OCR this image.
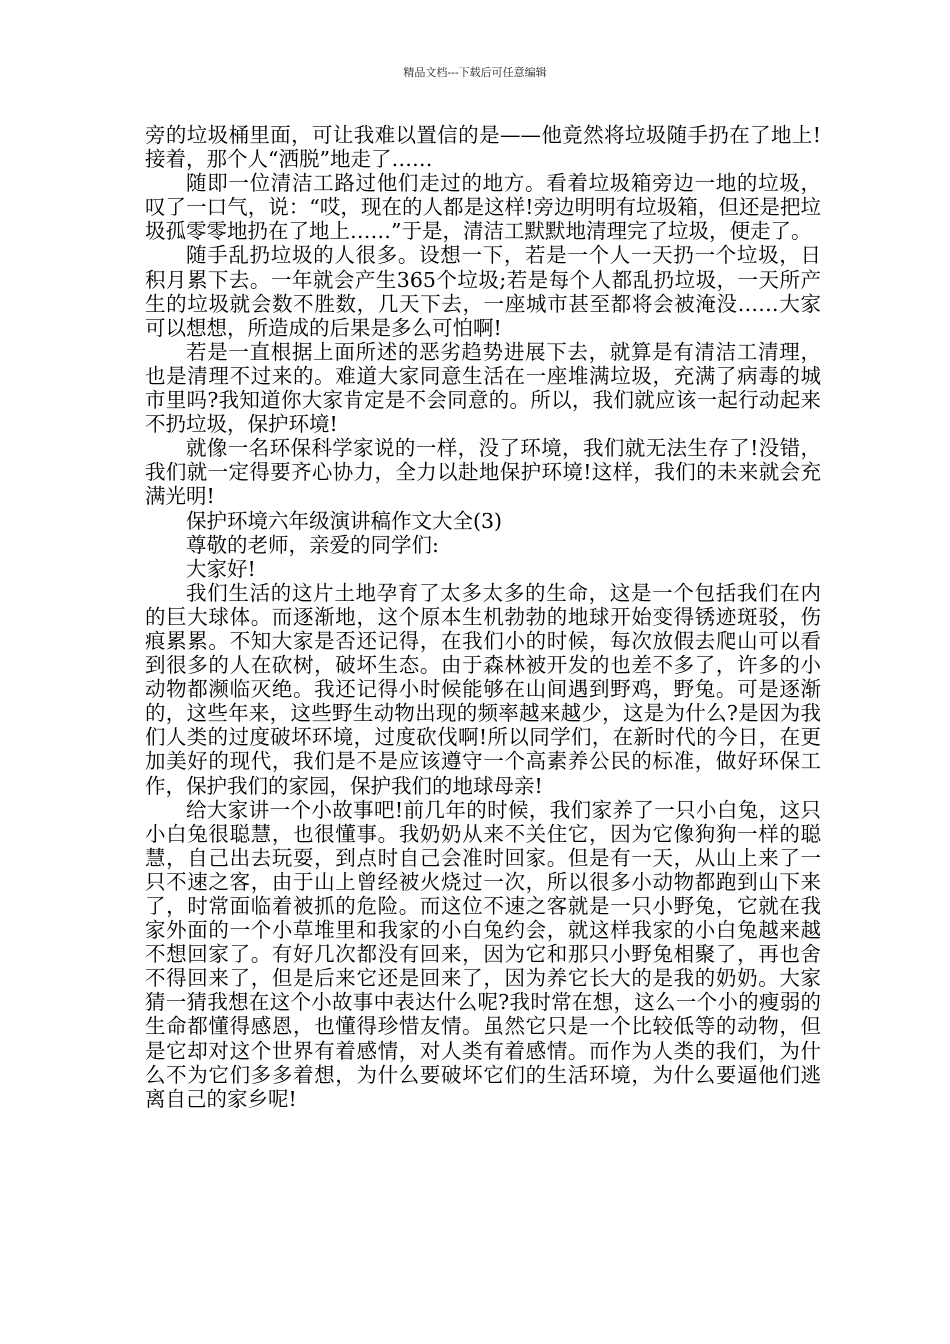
精品文档---下载后可任意编辑

旁的垃圾桶里面，可让我难以置信的是——他竟然将垃圾随手扔在了地上!接着，那个人“洒脱”地走了……

随即一位清洁工路过他们走过的地方。看着垃圾箱旁边一地的垃圾，叹了一口气，说：“哎，现在的人都是这样!旁边明明有垃圾箱，但还是把垃圾孤零零地扔在了地上……”于是，清洁工默默地清理完了垃圾，便走了。

随手乱扔垃圾的人很多。设想一下，若是一个人一天扔一个垃圾，日积月累下去。一年就会产生365个垃圾;若是每个人都乱扔垃圾，一天所产生的垃圾就会数不胜数，几天下去，一座城市甚至都将会被淹没……大家可以想想，所造成的后果是多么可怕啊!

若是一直根据上面所述的恶劣趋势进展下去，就算是有清洁工清理，也是清理不过来的。难道大家同意生活在一座堆满垃圾，充满了病毒的城市里吗?我知道你大家肯定是不会同意的。所以，我们就应该一起行动起来不扔垃圾，保护环境!

就像一名环保科学家说的一样，没了环境，我们就无法生存了!没错，我们就一定得要齐心协力，全力以赴地保护环境!这样，我们的未来就会充满光明!

保护环境六年级演讲稿作文大全(3)

尊敬的老师，亲爱的同学们:

大家好!

我们生活的这片土地孕育了太多太多的生命，这是一个包括我们在内的巨大球体。而逐渐地，这个原本生机勃勃的地球开始变得锈迹斑驳，伤痕累累。不知大家是否还记得，在我们小的时候，每次放假去爬山可以看到很多的人在砍树，破坏生态。由于森林被开发的也差不多了，许多的小动物都濒临灭绝。我还记得小时候能够在山间遇到野鸡，野兔。可是逐渐的，这些年来，这些野生动物出现的频率越来越少，这是为什么?是因为我们人类的过度破坏环境，过度砍伐啊!所以同学们，在新时代的今日，在更加美好的现代，我们是不是应该遵守一个高素养公民的标准，做好环保工作，保护我们的家园，保护我们的地球母亲!

给大家讲一个小故事吧!前几年的时候，我们家养了一只小白兔，这只小白兔很聪慧，也很懂事。我奶奶从来不关住它，因为它像狗狗一样的聪慧，自己出去玩耍，到点时自己会准时回家。但是有一天，从山上来了一只不速之客，由于山上曾经被火烧过一次，所以很多小动物都跑到山下来了，时常面临着被抓的危险。而这位不速之客就是一只小野兔，它就在我家外面的一个小草堆里和我家的小白兔约会，就这样我家的小白兔越来越不想回家了。有好几次都没有回来，因为它和那只小野兔相聚了，再也舍不得回来了，但是后来它还是回来了，因为养它长大的是我的奶奶。大家猜一猜我想在这个小故事中表达什么呢?我时常在想，这么一个小的瘦弱的生命都懂得感恩，也懂得珍惜友情。虽然它只是一个比较低等的动物，但是它却对这个世界有着感情，对人类有着感情。而作为人类的我们，为什么不为它们多多着想，为什么要破坏它们的生活环境，为什么要逼他们逃离自己的家乡呢!
